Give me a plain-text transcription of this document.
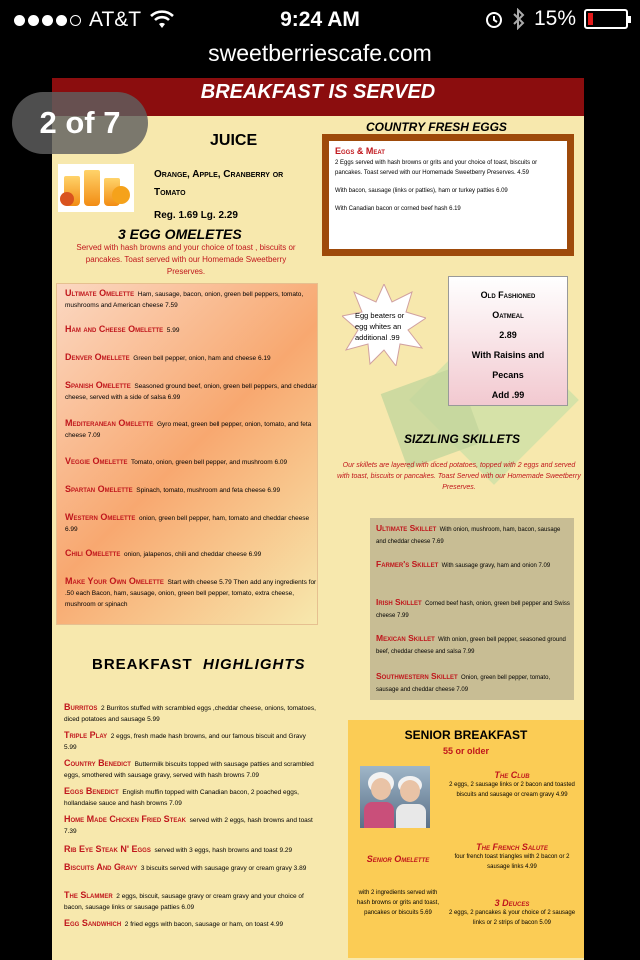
AT&T	9:24 AM	15%
sweetberriescafe.com
BREAKFAST IS SERVED
JUICE
Orange, Apple, Cranberry or Tomato
Reg. 1.69 Lg. 2.29
3 EGG OMELETES
Served with hash browns and your choice of toast , biscuits or pancakes. Toast served with our Homemade Sweetberry Preserves.
Ultimate Omelette Ham, sausage, bacon, onion, green bell peppers, tomato, mushrooms and American cheese 7.59
Ham and Cheese Omelette 5.99
Denver Omellete Green bell pepper, onion, ham and cheese 6.19
Spanish Omelette Seasoned ground beef, onion, green bell peppers, and cheddar cheese, served with a side of salsa 6.99
Mediteranean Omelette Gyro meat, green bell pepper, onion, tomato, and feta cheese 7.09
Veggie Omelette Tomato, onion, green bell pepper, and mushroom 6.09
Spartan Omelette Spinach, tomato, mushroom and feta cheese 6.99
Western Omelette onion, green bell pepper, ham, tomato and cheddar cheese 6.99
Chili Omelette onion, jalapenos, chili and cheddar cheese 6.99
Make Your Own Omelette Start with cheese 5.79 Then add any ingredients for .50 each Bacon, ham, sausage, onion, green bell pepper, tomato, extra cheese, mushroom or spinach
COUNTRY FRESH EGGS
Eggs & Meat
2 Eggs served with hash browns or grits and your choice of toast, biscuits or pancakes. Toast served with our Homemade Sweetberry Preserves. 4.59
With bacon, sausage (links or patties), ham or turkey patties 6.09
With Canadian bacon or corned beef hash 6.19
Egg beaters or egg whites an additional .99
Old Fashioned
Oatmeal
2.89
With Raisins and
Pecans
Add .99
SIZZLING SKILLETS
Our skillets are layered with diced potatoes, topped with 2 eggs and served with toast, biscuits or pancakes. Toast Served with our Homemade Sweetberry Preserves.
Ultimate Skillet With onion, mushroom, ham, bacon, sausage and cheddar cheese 7.69
Farmer's Skillet With sausage gravy, ham and onion 7.09
Irish Skillet Corned beef hash, onion, green bell pepper and Swiss cheese 7.99
Mexican Skillet With onion, green bell pepper, seasoned ground beef, cheddar cheese and salsa 7.99
Southwestern Skillet Onion, green bell pepper, tomato, sausage and cheddar cheese 7.09
BREAKFAST HIGHLIGHTS
Burritos 2 Burritos stuffed with scrambled eggs ,cheddar cheese, onions, tomatoes, diced potatoes and sausage 5.99
Triple Play 2 eggs, fresh made hash browns, and our famous biscuit and Gravy 5.99
Country Benedict Buttermilk biscuits topped with sausage patties and scrambled eggs, smothered with sausage gravy, served with hash browns 7.09
Eggs Benedict English muffin topped with Canadian bacon, 2 poached eggs, hollandaise sauce and hash browns 7.09
Home Made Chicken Fried Steak served with 2 eggs, hash browns and toast 7.39
Rib Eye Steak N' Eggs served with 3 eggs, hash browns and toast 9.29
Biscuits And Gravy 3 biscuits served with sausage gravy or cream gravy 3.89
The Slammer 2 eggs, biscuit, sausage gravy or cream gravy and your choice of bacon, sausage links or sausage patties 6.09
Egg Sandwhich 2 fried eggs with bacon, sausage or ham, on toast 4.99
SENIOR BREAKFAST
55 or older
Senior Omelette
with 2 ingredients served with hash browns or grits and toast, pancakes or biscuits 5.69
The Club
2 eggs, 2 sausage links or 2 bacon and toasted biscuits and sausage or cream gravy 4.99
The French Salute
four french toast triangles with 2 bacon or 2 sausage links 4.99
3 Deuces
2 eggs, 2 pancakes & your choice of 2 sausage links or 2 strips of bacon 5.09
2 of 7
